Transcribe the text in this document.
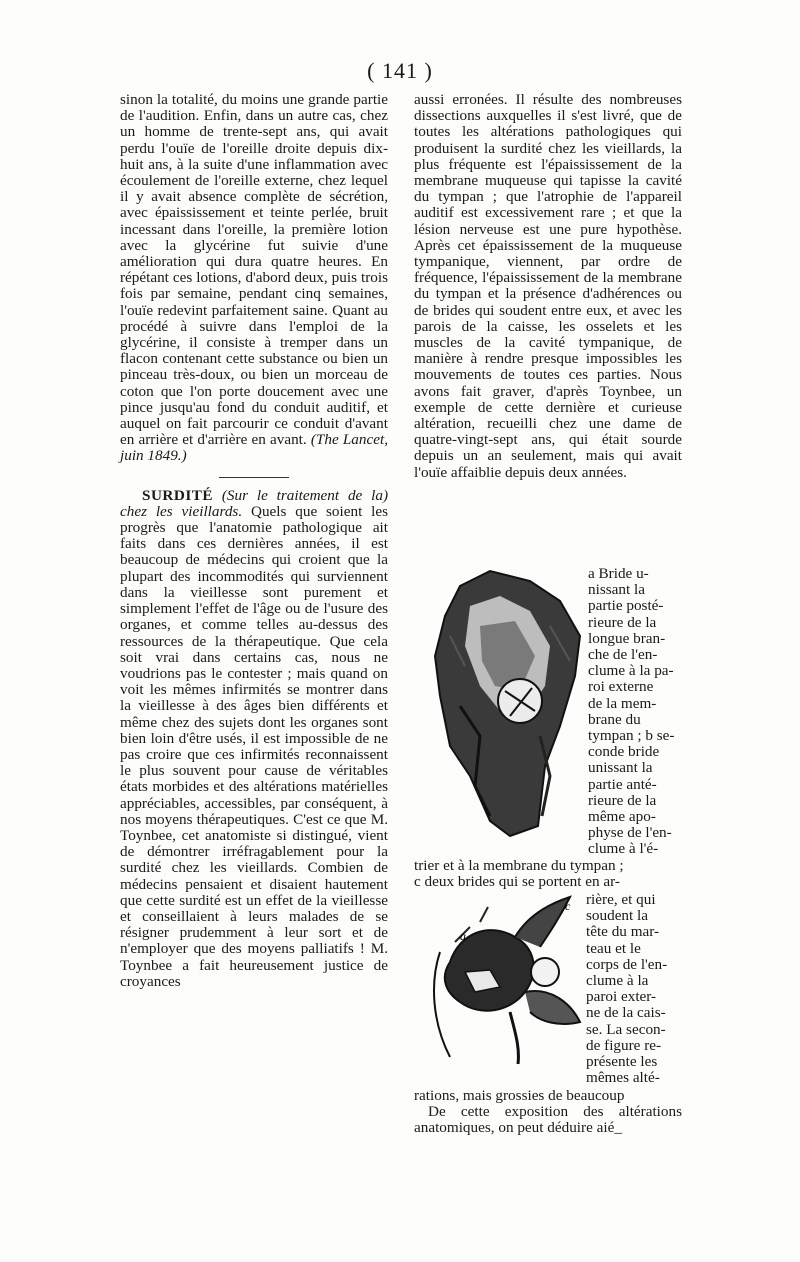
( 141 )

sinon la totalité, du moins une grande partie de l'audition. Enfin, dans un autre cas, chez un homme de trente-sept ans, qui avait perdu l'ouïe de l'oreille droite depuis dix-huit ans, à la suite d'une inflammation avec écoulement de l'oreille externe, chez lequel il y avait absence complète de sécrétion, avec épaississement et teinte perlée, bruit incessant dans l'oreille, la première lotion avec la glycérine fut suivie d'une amélioration qui dura quatre heures. En répétant ces lotions, d'abord deux, puis trois fois par semaine, pendant cinq semaines, l'ouïe redevint parfaitement saine. Quant au procédé à suivre dans l'emploi de la glycérine, il consiste à tremper dans un flacon contenant cette substance ou bien un pinceau très-doux, ou bien un morceau de coton que l'on porte doucement avec une pince jusqu'au fond du conduit auditif, et auquel on fait parcourir ce conduit d'avant en arrière et d'arrière en avant. (The Lancet, juin 1849.)

SURDITÉ (Sur le traitement de la) chez les vieillards. Quels que soient les progrès que l'anatomie pathologique ait faits dans ces dernières années, il est beaucoup de médecins qui croient que la plupart des incommodités qui surviennent dans la vieillesse sont purement et simplement l'effet de l'âge ou de l'usure des organes, et comme telles au-dessus des ressources de la thérapeutique. Que cela soit vrai dans certains cas, nous ne voudrions pas le contester ; mais quand on voit les mêmes infirmités se montrer dans la vieillesse à des âges bien différents et même chez des sujets dont les organes sont bien loin d'être usés, il est impossible de ne pas croire que ces infirmités reconnaissent le plus souvent pour cause de véritables états morbides et des altérations matérielles appréciables, accessibles, par conséquent, à nos moyens thérapeutiques. C'est ce que M. Toynbee, cet anatomiste si distingué, vient de démontrer irréfragablement pour la surdité chez les vieillards. Combien de médecins pensaient et disaient hautement que cette surdité est un effet de la vieillesse et conseillaient à leurs malades de se résigner prudemment à leur sort et de n'employer que des moyens palliatifs ! M. Toynbee a fait heureusement justice de croyances

aussi erronées. Il résulte des nombreuses dissections auxquelles il s'est livré, que de toutes les altérations pathologiques qui produisent la surdité chez les vieillards, la plus fréquente est l'épaississement de la membrane muqueuse qui tapisse la cavité du tympan ; que l'atrophie de l'appareil auditif est excessivement rare ; et que la lésion nerveuse est une pure hypothèse. Après cet épaississement de la muqueuse tympanique, viennent, par ordre de fréquence, l'épaississement de la membrane du tympan et la présence d'adhérences ou de brides qui soudent entre eux, et avec les parois de la caisse, les osselets et les muscles de la cavité tympanique, de manière à rendre presque impossibles les mouvements de toutes ces parties. Nous avons fait graver, d'après Toynbee, un exemple de cette dernière et curieuse altération, recueilli chez une dame de quatre-vingt-sept ans, qui était sourde depuis un an seulement, mais qui avait l'ouïe affaiblie depuis deux années.

a Bride u-
nissant la
partie posté-
rieure de la
longue bran-
che de l'en-
clume à la pa-
roi externe
de la mem-
brane du
tympan ; b se-
conde bride
unissant la
partie anté-
rieure de la
même apo-
physe de l'en-
clume à l'é-
trier et à la membrane du tympan ;
c deux brides qui se portent en ar-
c
a
rière, et qui
soudent la
tête du mar-
teau et le
corps de l'en-
clume à la
paroi exter-
ne de la cais-
se. La secon-
de figure re-
présente les
mêmes alté-
rations, mais grossies de beaucoup
De cette exposition des altérations anatomiques, on peut déduire aié_
